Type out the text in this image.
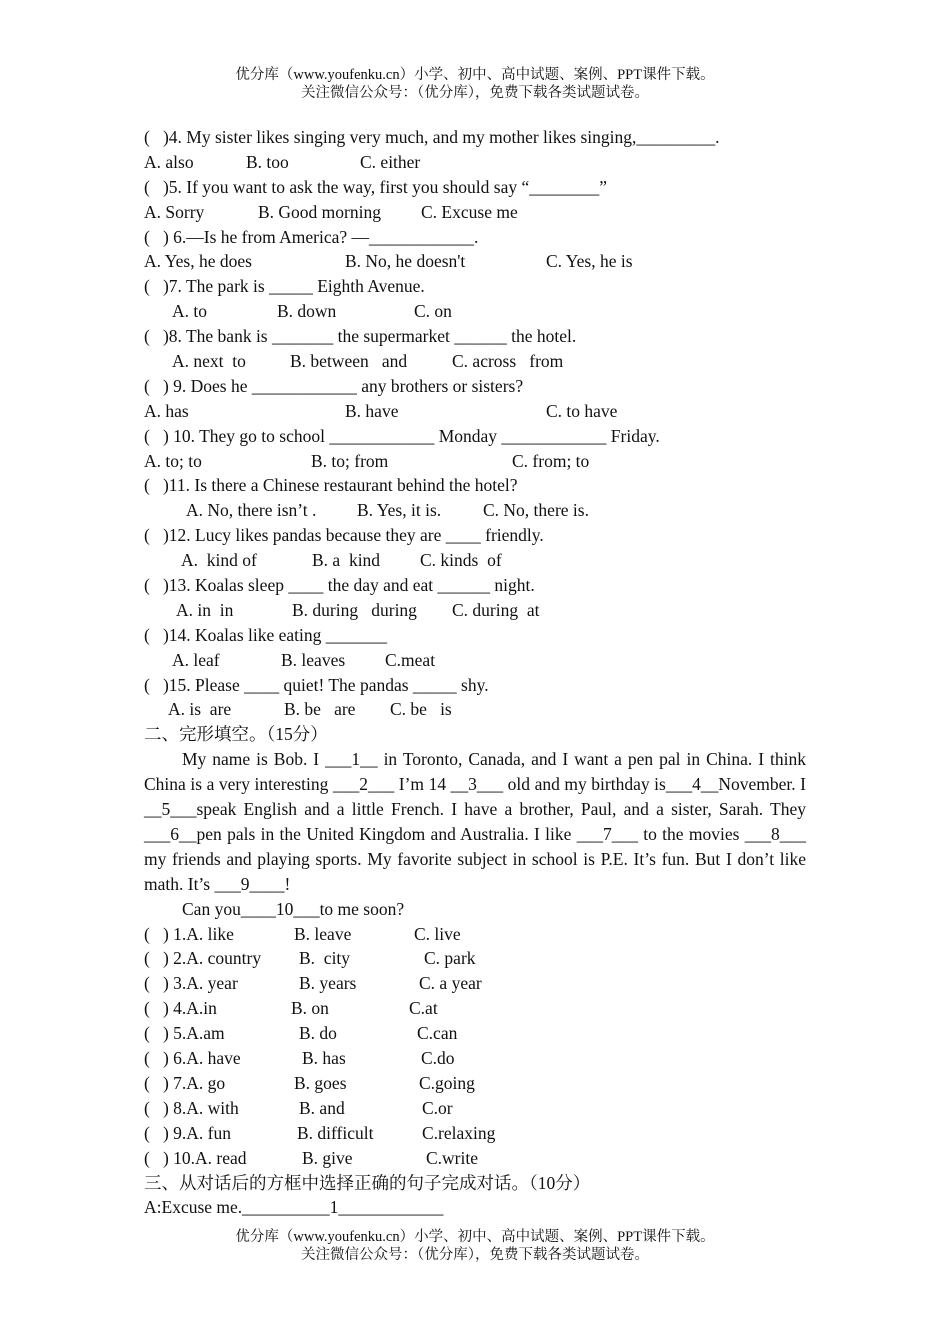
优分库（www.youfenku.cn）小学、初中、高中试题、案例、PPT课件下载。
关注微信公众号：（优分库），免费下载各类试题试卷。
(   )4. My sister likes singing very much, and my mother likes singing,_________.
A. also	B. too	C. either
(   )5. If you want to ask the way, first you should say “________”
A. Sorry	B. Good morning C. Excuse me
(   ) 6.—Is he from America? —____________.
A. Yes, he does	B. No, he doesn't	C. Yes, he is
(   )7. The park is _____ Eighth Avenue.
A. to	B. down	C. on
(   )8. The bank is _______ the supermarket ______ the hotel.
A. next  to	B. between   and	C. across   from
(   ) 9. Does he ____________ any brothers or sisters?
A. has	B. have	C. to have
(   ) 10. They go to school ____________ Monday ____________ Friday.
A. to; to	B. to; from	C. from; to
(   )11. Is there a Chinese restaurant behind the hotel?
A. No, there isn’t . B. Yes, it is. C. No, there is.
(   )12. Lucy likes pandas because they are ____ friendly.
A.  kind of	B. a  kind C. kinds  of
(   )13. Koalas sleep ____ the day and eat ______ night.
A. in  in	B. during   during C. during  at
(   )14. Koalas like eating _______
A. leaf	B. leaves C.meat
(   )15. Please ____ quiet! The pandas _____ shy.
A. is  are	B. be   are C. be   is
二、完形填空。（15分）

My name is Bob. I ___1__ in Toronto, Canada, and I want a pen pal in China. I think China is a very interesting ___2___ I’m 14 __3___ old and my birthday is___4__November. I __5___speak English and a little French. I have a brother, Paul, and a sister, Sarah. They ___6__pen pals in the United Kingdom and Australia. I like ___7___ to the movies ___8___ my friends and playing sports. My favorite subject in school is P.E. It’s fun. But I don’t like math. It’s ___9____!

Can you____10___to me soon?
(   ) 1.A. like	B. leave	C. live
(   ) 2.A. country B.  city	C. park
(   ) 3.A. year	B. years	C. a year
(   ) 4.A.in	B. on	C.at
(   ) 5.A.am	B. do	C.can
(   ) 6.A. have	B. has	C.do
(   ) 7.A. go	B. goes	C.going
(   ) 8.A. with	B. and	C.or
(   ) 9.A. fun	B. difficult	C.relaxing
(   ) 10.A. read	B. give	C.write
三、从对话后的方框中选择正确的句子完成对话。（10分）
A:Excuse me.__________1____________
优分库（www.youfenku.cn）小学、初中、高中试题、案例、PPT课件下载。
关注微信公众号：（优分库），免费下载各类试题试卷。
